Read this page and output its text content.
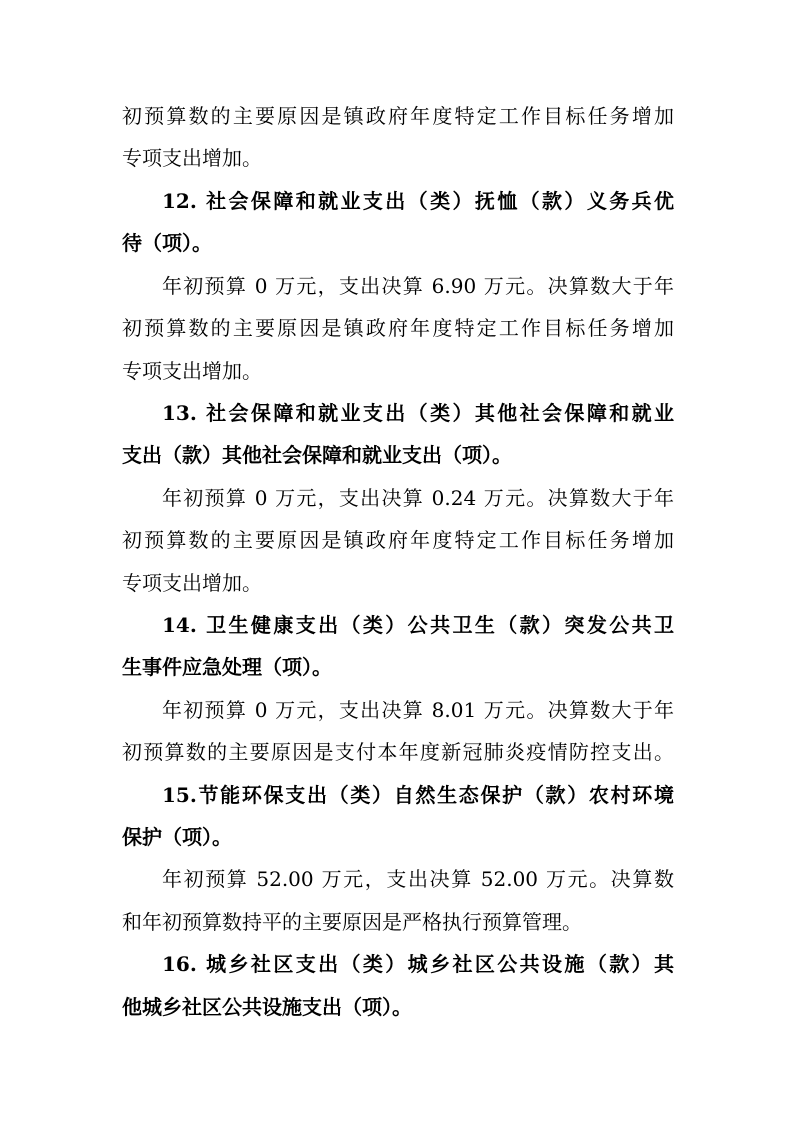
初预算数的主要原因是镇政府年度特定工作目标任务增加
专项支出增加。
12. 社会保障和就业支出（类）抚恤（款）义务兵优
待（项）。
年初预算 0 万元，支出决算 6.90 万元。决算数大于年
初预算数的主要原因是镇政府年度特定工作目标任务增加
专项支出增加。
13. 社会保障和就业支出（类）其他社会保障和就业
支出（款）其他社会保障和就业支出（项）。
年初预算 0 万元，支出决算 0.24 万元。决算数大于年
初预算数的主要原因是镇政府年度特定工作目标任务增加
专项支出增加。
14. 卫生健康支出（类）公共卫生（款）突发公共卫
生事件应急处理（项）。
年初预算 0 万元，支出决算 8.01 万元。决算数大于年
初预算数的主要原因是支付本年度新冠肺炎疫情防控支出。
15.节能环保支出（类）自然生态保护（款）农村环境
保护（项）。
年初预算 52.00 万元，支出决算 52.00 万元。决算数
和年初预算数持平的主要原因是严格执行预算管理。
16. 城乡社区支出（类）城乡社区公共设施（款）其
他城乡社区公共设施支出（项）。
